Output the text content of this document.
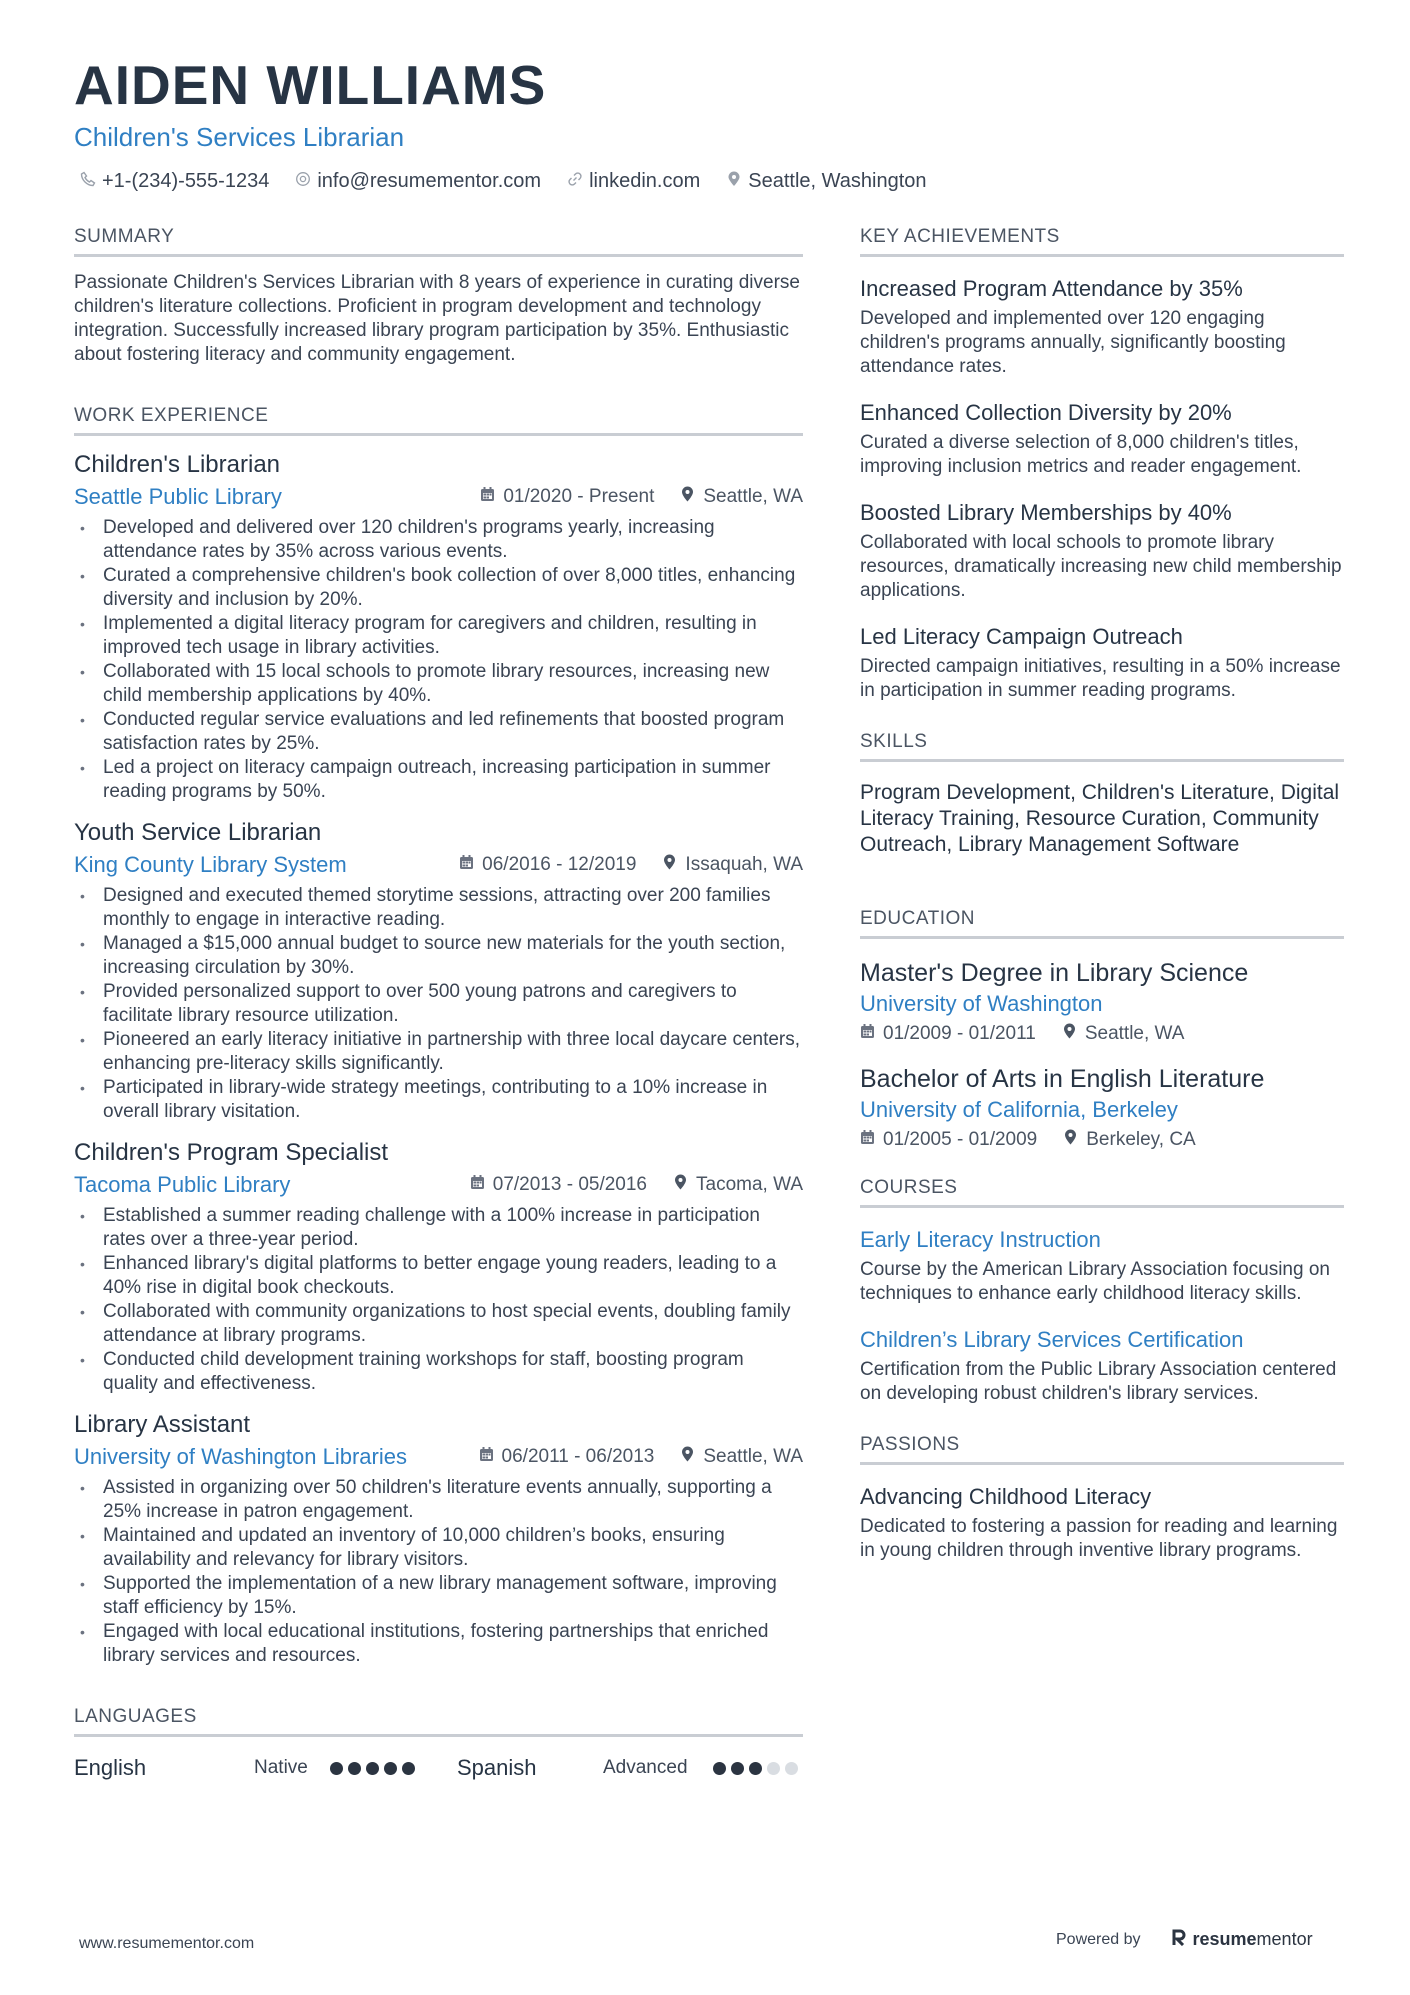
AIDEN WILLIAMS
Children's Services Librarian
+1-(234)-555-1234 info@resumementor.com linkedin.com Seattle, Washington
SUMMARY
Passionate Children's Services Librarian with 8 years of experience in curating diverse children's literature collections. Proficient in program development and technology integration. Successfully increased library program participation by 35%. Enthusiastic about fostering literacy and community engagement.
WORK EXPERIENCE
Children's Librarian
Seattle Public Library	01/2020 - Present	Seattle, WA
• Developed and delivered over 120 children's programs yearly, increasing attendance rates by 35% across various events.
• Curated a comprehensive children's book collection of over 8,000 titles, enhancing diversity and inclusion by 20%.
• Implemented a digital literacy program for caregivers and children, resulting in improved tech usage in library activities.
• Collaborated with 15 local schools to promote library resources, increasing new child membership applications by 40%.
• Conducted regular service evaluations and led refinements that boosted program satisfaction rates by 25%.
• Led a project on literacy campaign outreach, increasing participation in summer reading programs by 50%.
Youth Service Librarian
King County Library System	06/2016 - 12/2019	Issaquah, WA
• Designed and executed themed storytime sessions, attracting over 200 families monthly to engage in interactive reading.
• Managed a $15,000 annual budget to source new materials for the youth section, increasing circulation by 30%.
• Provided personalized support to over 500 young patrons and caregivers to facilitate library resource utilization.
• Pioneered an early literacy initiative in partnership with three local daycare centers, enhancing pre-literacy skills significantly.
• Participated in library-wide strategy meetings, contributing to a 10% increase in overall library visitation.
Children's Program Specialist
Tacoma Public Library	07/2013 - 05/2016	Tacoma, WA
• Established a summer reading challenge with a 100% increase in participation rates over a three-year period.
• Enhanced library's digital platforms to better engage young readers, leading to a 40% rise in digital book checkouts.
• Collaborated with community organizations to host special events, doubling family attendance at library programs.
• Conducted child development training workshops for staff, boosting program quality and effectiveness.
Library Assistant
University of Washington Libraries	06/2011 - 06/2013	Seattle, WA
• Assisted in organizing over 50 children's literature events annually, supporting a 25% increase in patron engagement.
• Maintained and updated an inventory of 10,000 children’s books, ensuring availability and relevancy for library visitors.
• Supported the implementation of a new library management software, improving staff efficiency by 15%.
• Engaged with local educational institutions, fostering partnerships that enriched library services and resources.
LANGUAGES
English	Native	Spanish	Advanced
KEY ACHIEVEMENTS
Increased Program Attendance by 35%
Developed and implemented over 120 engaging children's programs annually, significantly boosting attendance rates.
Enhanced Collection Diversity by 20%
Curated a diverse selection of 8,000 children's titles, improving inclusion metrics and reader engagement.
Boosted Library Memberships by 40%
Collaborated with local schools to promote library resources, dramatically increasing new child membership applications.
Led Literacy Campaign Outreach
Directed campaign initiatives, resulting in a 50% increase in participation in summer reading programs.
SKILLS
Program Development, Children's Literature, Digital Literacy Training, Resource Curation, Community Outreach, Library Management Software
EDUCATION
Master's Degree in Library Science
University of Washington
01/2009 - 01/2011	Seattle, WA
Bachelor of Arts in English Literature
University of California, Berkeley
01/2005 - 01/2009	Berkeley, CA
COURSES
Early Literacy Instruction
Course by the American Library Association focusing on techniques to enhance early childhood literacy skills.
Children’s Library Services Certification
Certification from the Public Library Association centered on developing robust children's library services.
PASSIONS
Advancing Childhood Literacy
Dedicated to fostering a passion for reading and learning in young children through inventive library programs.
www.resumementor.com	Powered by	resumementor
